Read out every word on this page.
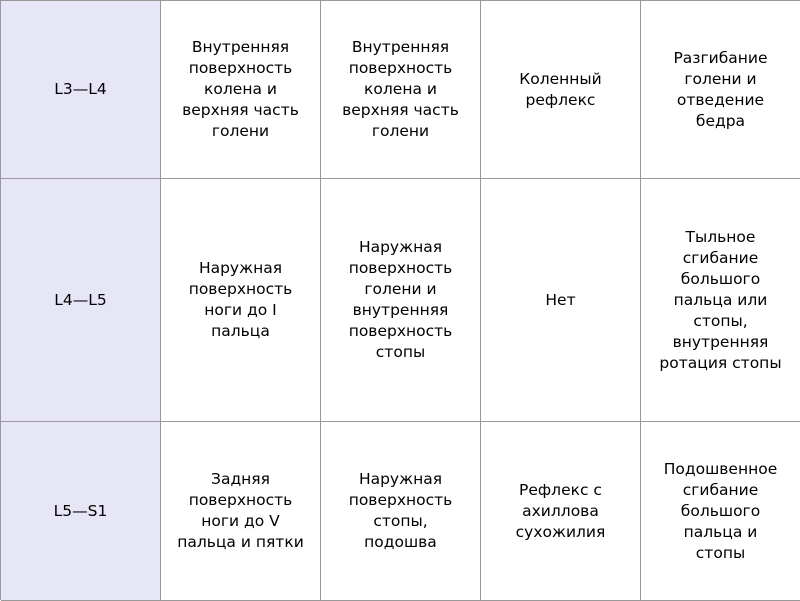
L3—L4
Внутренняя
поверхность
колена и
верхняя часть
голени
Внутренняя
поверхность
колена и
верхняя часть
голени
Коленный
рефлекс
Разгибание
голени и
отведение
бедра
L4—L5
Наружная
поверхность
ноги до I
пальца
Наружная
поверхность
голени и
внутренняя
поверхность
стопы
Нет
Тыльное
сгибание
большого
пальца или
стопы,
внутренняя
ротация стопы
L5—S1
Задняя
поверхность
ноги до V
пальца и пятки
Наружная
поверхность
стопы,
подошва
Рефлекс с
ахиллова
сухожилия
Подошвенное
сгибание
большого
пальца и
стопы
